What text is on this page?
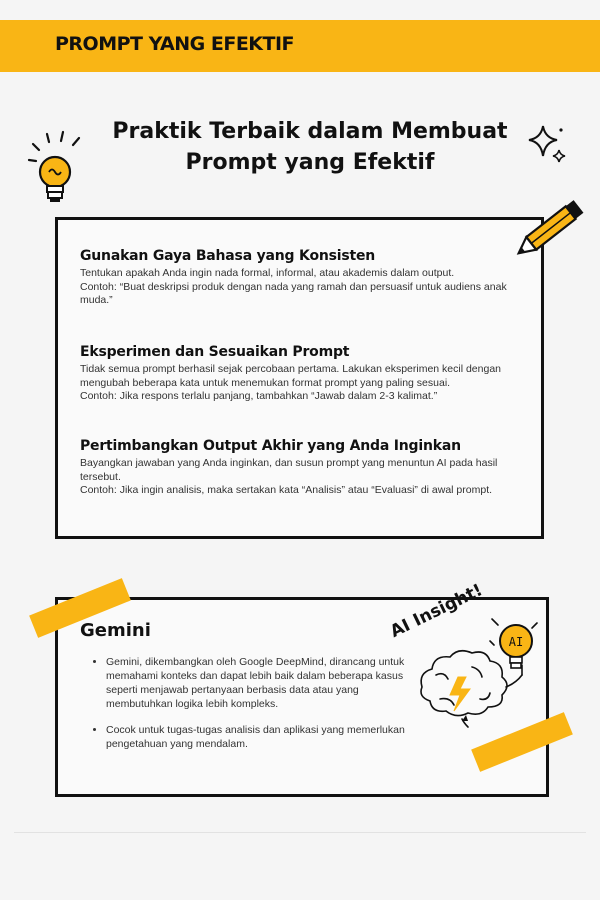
PROMPT YANG EFEKTIF
Praktik Terbaik dalam Membuat
Prompt yang Efektif
Gunakan Gaya Bahasa yang Konsisten

Tentukan apakah Anda ingin nada formal, informal, atau akademis dalam output.

Contoh: “Buat deskripsi produk dengan nada yang ramah dan persuasif untuk audiens anak muda.”

Eksperimen dan Sesuaikan Prompt

Tidak semua prompt berhasil sejak percobaan pertama. Lakukan eksperimen kecil dengan mengubah beberapa kata untuk menemukan format prompt yang paling sesuai.

Contoh: Jika respons terlalu panjang, tambahkan “Jawab dalam 2-3 kalimat.”

Pertimbangkan Output Akhir yang Anda Inginkan

Bayangkan jawaban yang Anda inginkan, dan susun prompt yang menuntun AI pada hasil tersebut.

Contoh: Jika ingin analisis, maka sertakan kata “Analisis” atau “Evaluasi” di awal prompt.

Gemini
• Gemini, dikembangkan oleh Google DeepMind, dirancang untuk memahami konteks dan dapat lebih baik dalam beberapa kasus seperti menjawab pertanyaan berbasis data atau yang membutuhkan logika lebih kompleks.
• Cocok untuk tugas-tugas analisis dan aplikasi yang memerlukan pengetahuan yang mendalam.
AI
AI Insight!
